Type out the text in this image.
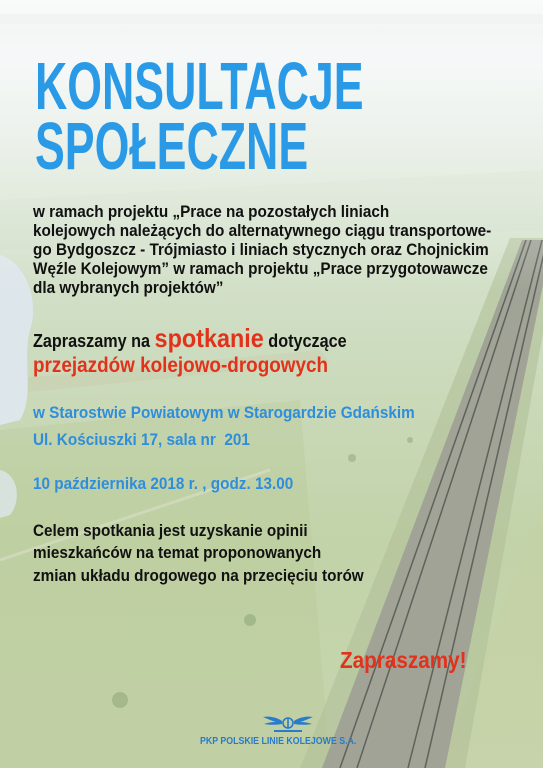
KONSULTACJE
SPOŁECZNE
w ramach projektu „Prace na pozostałych liniach
kolejowych należących do alternatywnego ciągu transportowe-
go Bydgoszcz - Trójmiasto i liniach stycznych oraz Chojnickim
Węźle Kolejowym” w ramach projektu „Prace przygotowawcze
dla wybranych projektów”
Zapraszamy na spotkanie dotyczące
przejazdów kolejowo-drogowych
w Starostwie Powiatowym w Starogardzie Gdańskim
Ul. Kościuszki 17, sala nr  201
10 października 2018 r. , godz. 13.00
Celem spotkania jest uzyskanie opinii
mieszkańców na temat proponowanych
zmian układu drogowego na przecięciu torów
Zapraszamy!
PKP POLSKIE LINIE KOLEJOWE S.A.
